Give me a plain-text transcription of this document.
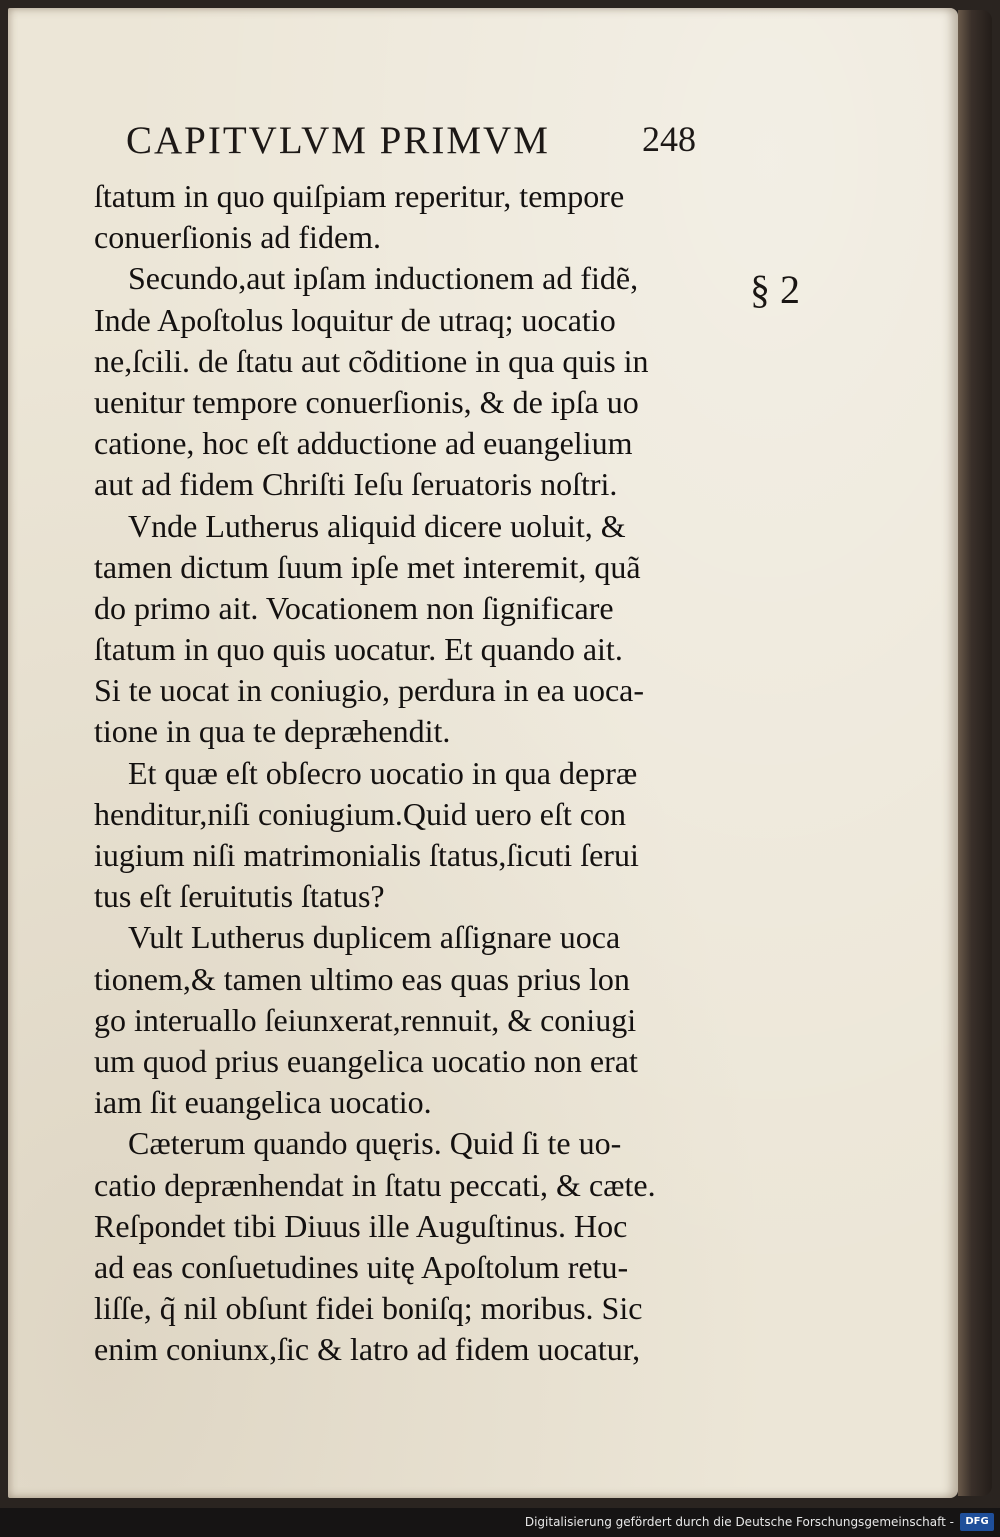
CAPITVLVM PRIMVM	248
§ 2
ſtatum in quo quiſpiam reperitur, tempore
conuerſionis ad fidem.
Secundo,aut ipſam inductionem ad fidẽ,
Inde Apoſtolus loquitur de utraq; uocatio
ne,ſcili. de ſtatu aut cõditione in qua quis in
uenitur tempore conuerſionis, & de ipſa uo
catione, hoc eſt adductione ad euangelium
aut ad fidem Chriſti Ieſu ſeruatoris noſtri.
Vnde Lutherus aliquid dicere uoluit, &
tamen dictum ſuum ipſe met interemit, quã
do primo ait. Vocationem non ſignificare
ſtatum in quo quis uocatur. Et quando ait.
Si te uocat in coniugio, perdura in ea uoca-
tione in qua te depræhendit.
Et quæ eſt obſecro uocatio in qua depræ
henditur,niſi coniugium.Quid uero eſt con
iugium niſi matrimonialis ſtatus,ſicuti ſerui
tus eſt ſeruitutis ſtatus?
Vult Lutherus duplicem aſſignare uoca
tionem,& tamen ultimo eas quas prius lon
go interuallo ſeiunxerat,rennuit, & coniugi
um quod prius euangelica uocatio non erat
iam ſit euangelica uocatio.
Cæterum quando quęris. Quid ſi te uo-
catio deprænhendat in ſtatu peccati, & cæte.
Reſpondet tibi Diuus ille Auguſtinus. Hoc
ad eas conſuetudines uitę Apoſtolum retu-
liſſe, q̃ nil obſunt fidei boniſq; moribus. Sic
enim coniunx,ſic & latro ad fidem uocatur,
Digitalisierung gefördert durch die Deutsche Forschungsgemeinschaft -	DFG
